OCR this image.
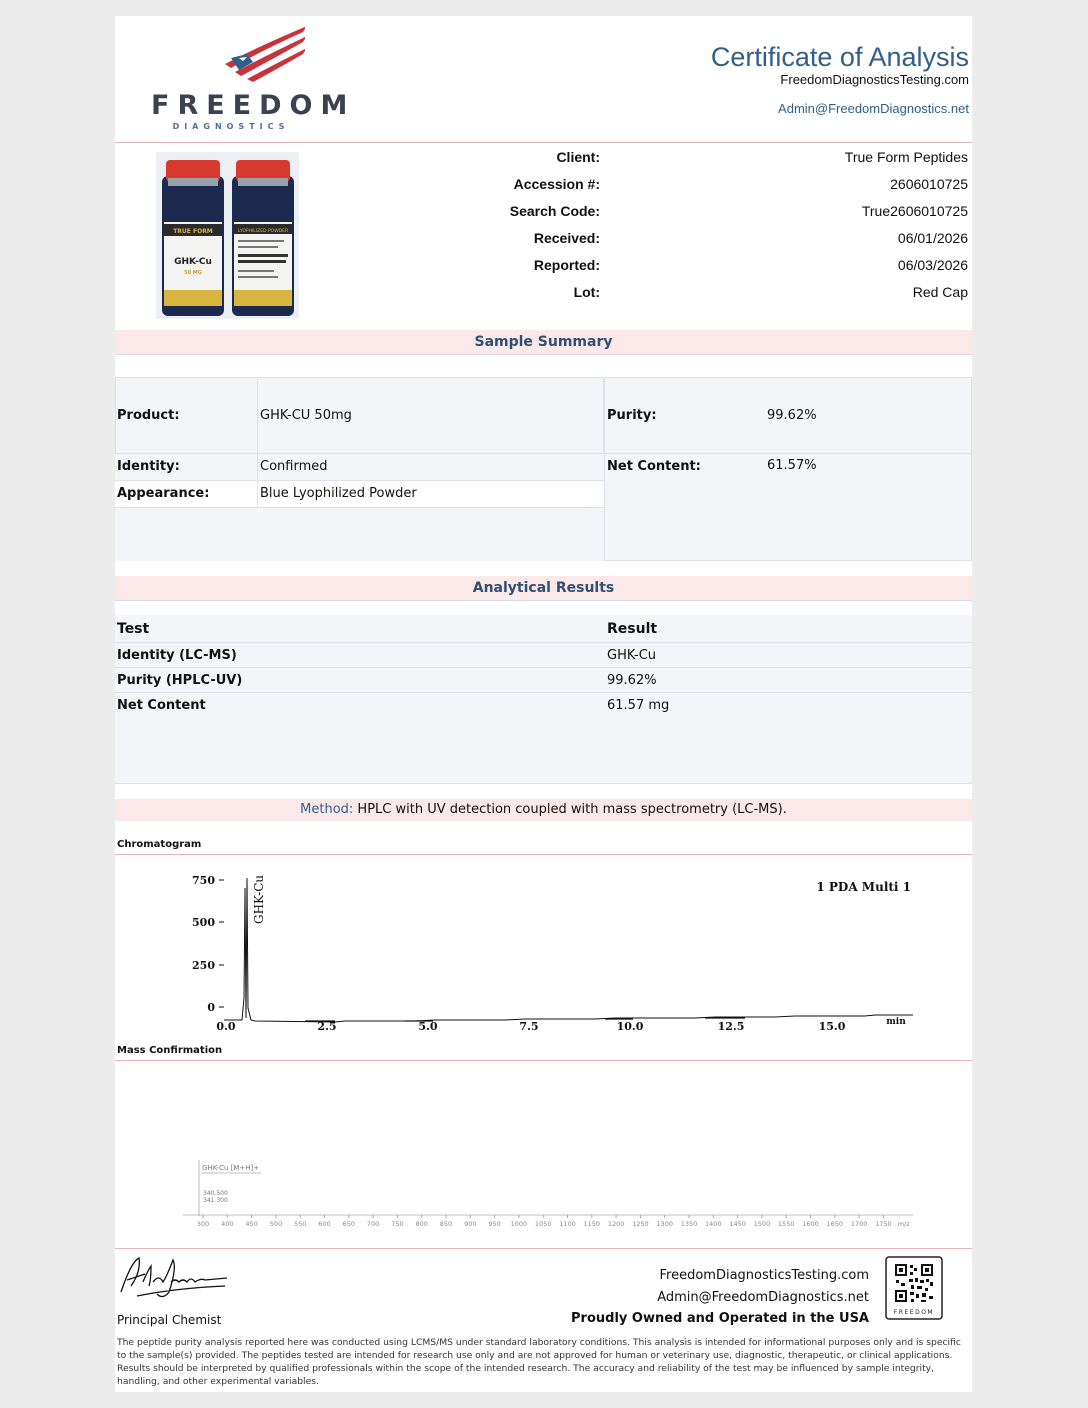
FREEDOM
DIAGNOSTICS
Certificate of Analysis
FreedomDiagnosticsTesting.com
Admin@FreedomDiagnostics.net
TRUE FORM
GHK-Cu
50 MG
LYOPHILIZED POWDER
Client:	True Form Peptides
Accession #:	2606010725
Search Code:	True2606010725
Received:	06/01/2026
Reported:	06/03/2026
Lot:	Red Cap
Sample Summary
Product:	GHK-CU 50mg	Purity:	99.62%
Identity:	Confirmed	Net Content:	61.57%
Appearance:	Blue Lyophilized Powder
Analytical Results
Test	Result
Identity (LC-MS)	GHK-Cu
Purity (HPLC-UV)	99.62%
Net Content	61.57 mg
Method: HPLC with UV detection coupled with mass spectrometry (LC-MS).
Chromatogram
750
500
250
0
0.0	2.5	5.0	7.5	10.0	12.5	15.0	min
1 PDA Multi 1
GHK-Cu
Mass Confirmation
GHK-Cu [M+H]+
340.500
341.300
300 400 450 500 550 600 650 700 750 800 850 900 950 1000 1050 1100 1150 1200 1250 1300 1350 1400 1450 1500 1550 1600 1650 1700 1750 m/z
Principal Chemist
FreedomDiagnosticsTesting.com
Admin@FreedomDiagnostics.net
Proudly Owned and Operated in the USA	FREEDOM
The peptide purity analysis reported here was conducted using LCMS/MS under standard laboratory conditions. This analysis is intended for informational purposes only and is specific to the sample(s) provided. The peptides tested are intended for research use only and are not approved for human or veterinary use, diagnostic, therapeutic, or clinical applications. Results should be interpreted by qualified professionals within the scope of the intended research. The accuracy and reliability of the test may be influenced by sample integrity, handling, and other experimental variables.
